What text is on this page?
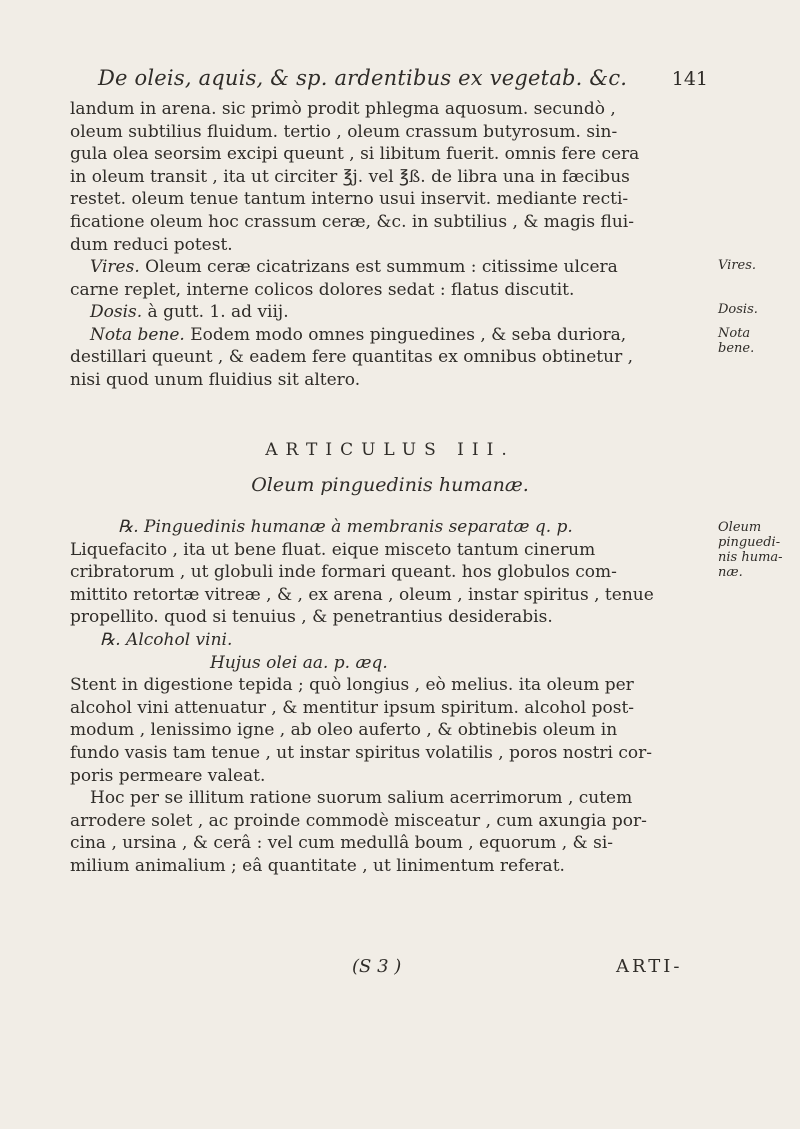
De oleis, aquis, & sp. ardentibus ex vegetab. &c. 141
landum in arena. sic primò prodit phlegma aquosum. secundò ,
oleum subtilius fluidum. tertio , oleum crassum butyrosum. sin-
gula olea seorsim excipi queunt , si libitum fuerit. omnis fere cera
in oleum transit , ita ut circiter ℥j. vel ℥ß. de libra una in fæcibus
restet. oleum tenue tantum interno usui inservit. mediante recti-
ficatione oleum hoc crassum ceræ, &c. in subtilius , & magis flui-
dum reduci potest.
Vires. Oleum ceræ cicatrizans est summum : citissime ulcera
carne replet, interne colicos dolores sedat : flatus discutit.
Dosis. à gutt. 1. ad viij.
Nota bene. Eodem modo omnes pinguedines , & seba duriora,
destillari queunt , & eadem fere quantitas ex omnibus obtinetur ,
nisi quod unum fluidius sit altero.
ARTICULUS III.
Oleum pinguedinis humanæ.
℞. Pinguedinis humanæ à membranis separatæ q. p.
Liquefacito , ita ut bene fluat. eique misceto tantum cinerum
cribratorum , ut globuli inde formari queant. hos globulos com-
mittito retortæ vitreæ , & , ex arena , oleum , instar spiritus , tenue
propellito. quod si tenuius , & penetrantius desiderabis.
℞. Alcohol vini.
Hujus olei aa. p. æq.
Stent in digestione tepida ; quò longius , eò melius. ita oleum per
alcohol vini attenuatur , & mentitur ipsum spiritum. alcohol post-
modum , lenissimo igne , ab oleo auferto , & obtinebis oleum in
fundo vasis tam tenue , ut instar spiritus volatilis , poros nostri cor-
poris permeare valeat.
Hoc per se illitum ratione suorum salium acerrimorum , cutem
arrodere solet , ac proinde commodè misceatur , cum axungia por-
cina , ursina , & cerâ : vel cum medullâ boum , equorum , & si-
milium animalium ; eâ quantitate , ut linimentum referat.
Vires.
Dosis.
Nota
bene.
Oleum
pinguedi-
nis huma-
næ.
(S 3 )	ARTI-
